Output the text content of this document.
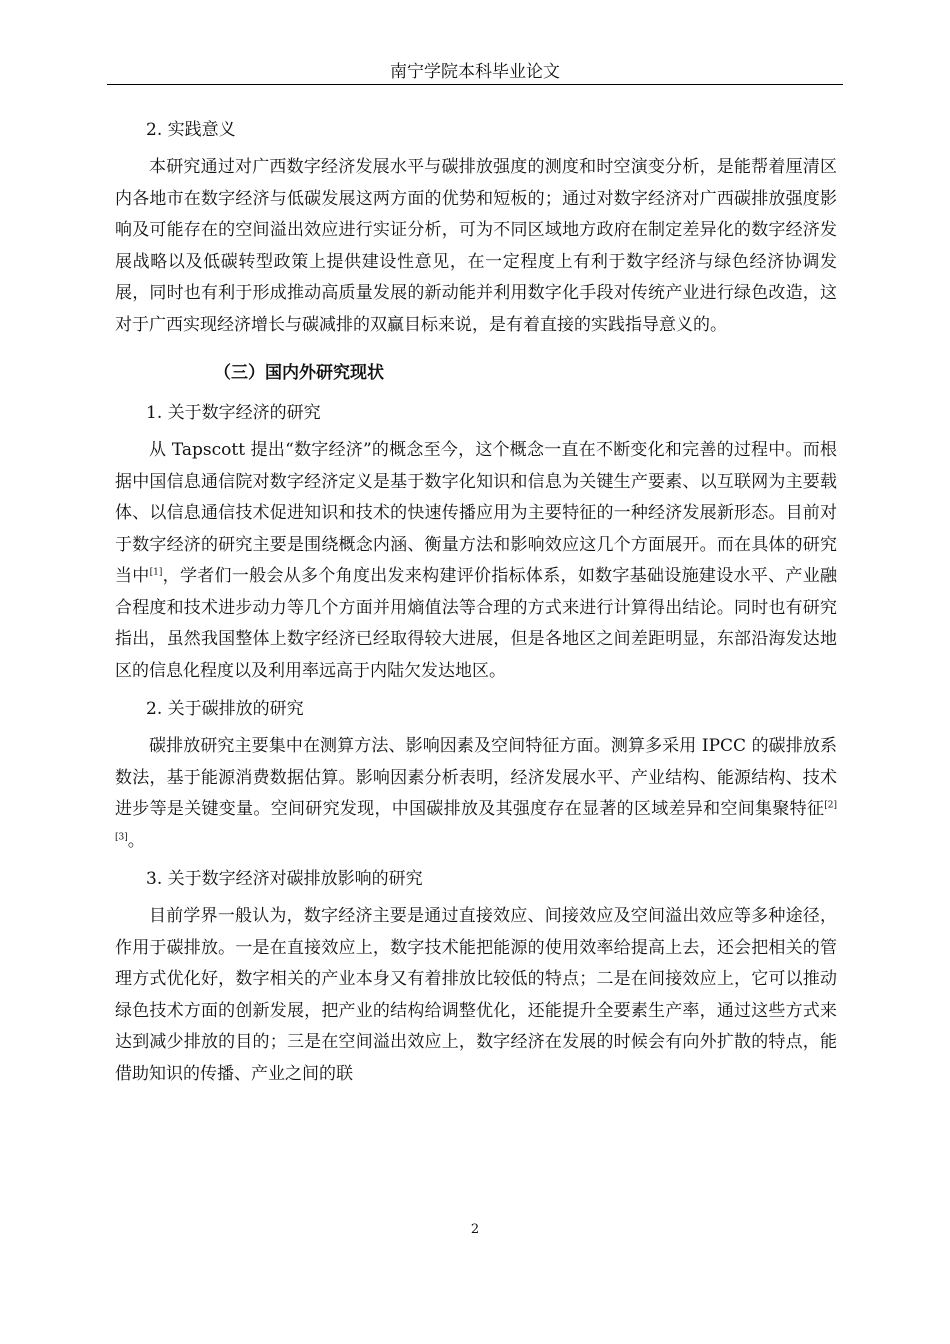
南宁学院本科毕业论文
2. 实践意义

本研究通过对广西数字经济发展水平与碳排放强度的测度和时空演变分析，是能帮着厘清区内各地市在数字经济与低碳发展这两方面的优势和短板的；通过对数字经济对广西碳排放强度影响及可能存在的空间溢出效应进行实证分析，可为不同区域地方政府在制定差异化的数字经济发展战略以及低碳转型政策上提供建设性意见，在一定程度上有利于数字经济与绿色经济协调发展，同时也有利于形成推动高质量发展的新动能并利用数字化手段对传统产业进行绿色改造，这对于广西实现经济增长与碳减排的双赢目标来说，是有着直接的实践指导意义的。

（三）国内外研究现状
1. 关于数字经济的研究

从 Tapscott 提出“数字经济”的概念至今，这个概念一直在不断变化和完善的过程中。而根据中国信息通信院对数字经济定义是基于数字化知识和信息为关键生产要素、以互联网为主要载体、以信息通信技术促进知识和技术的快速传播应用为主要特征的一种经济发展新形态。目前对于数字经济的研究主要是围绕概念内涵、衡量方法和影响效应这几个方面展开。而在具体的研究当中[1]，学者们一般会从多个角度出发来构建评价指标体系，如数字基础设施建设水平、产业融合程度和技术进步动力等几个方面并用熵值法等合理的方式来进行计算得出结论。同时也有研究指出，虽然我国整体上数字经济已经取得较大进展，但是各地区之间差距明显，东部沿海发达地区的信息化程度以及利用率远高于内陆欠发达地区。

2. 关于碳排放的研究

碳排放研究主要集中在测算方法、影响因素及空间特征方面。测算多采用 IPCC 的碳排放系数法，基于能源消费数据估算。影响因素分析表明，经济发展水平、产业结构、能源结构、技术进步等是关键变量。空间研究发现，中国碳排放及其强度存在显著的区域差异和空间集聚特征[2][3]。

3. 关于数字经济对碳排放影响的研究

目前学界一般认为，数字经济主要是通过直接效应、间接效应及空间溢出效应等多种途径，作用于碳排放。一是在直接效应上，数字技术能把能源的使用效率给提高上去，还会把相关的管理方式优化好，数字相关的产业本身又有着排放比较低的特点；二是在间接效应上，它可以推动绿色技术方面的创新发展，把产业的结构给调整优化，还能提升全要素生产率，通过这些方式来达到减少排放的目的；三是在空间溢出效应上，数字经济在发展的时候会有向外扩散的特点，能借助知识的传播、产业之间的联

2
